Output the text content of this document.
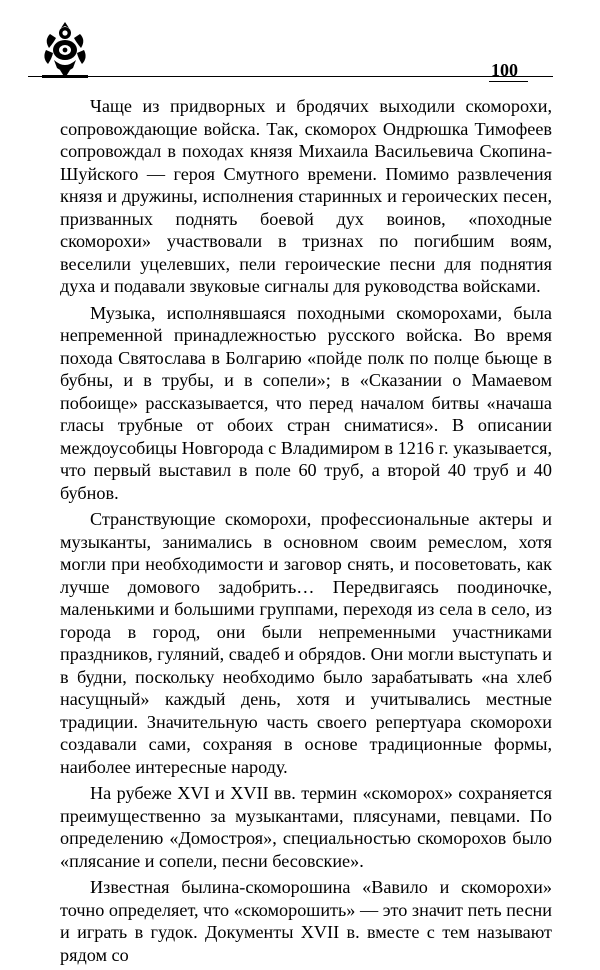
100

Чаще из придворных и бродячих выходили скоморохи, сопровождающие войска. Так, скоморох Ондрюшка Тимофеев сопровождал в походах князя Михаила Васильевича Скопина-Шуйского — героя Смутного времени. Помимо развлечения князя и дружины, исполнения старинных и героических песен, призванных поднять боевой дух воинов, «походные скоморохи» участвовали в тризнах по погибшим воям, веселили уцелевших, пели героические песни для поднятия духа и подавали звуковые сигналы для руководства войсками.

Музыка, исполнявшаяся походными скоморохами, была непременной принадлежностью русского войска. Во время похода Святослава в Болгарию «пойде полк по полце бьюще в бубны, и в трубы, и в сопели»; в «Сказании о Мамаевом побоище» рассказывается, что перед началом битвы «начаша гласы трубные от обоих стран сниматися». В описании междоусобицы Новгорода с Владимиром в 1216 г. указывается, что первый выставил в поле 60 труб, а второй 40 труб и 40 бубнов.

Странствующие скоморохи, профессиональные актеры и музыканты, занимались в основном своим ремеслом, хотя могли при необходимости и заговор снять, и посоветовать, как лучше домового задобрить… Передвигаясь поодиночке, маленькими и большими группами, переходя из села в село, из города в город, они были непременными участниками праздников, гуляний, свадеб и обрядов. Они могли выступать и в будни, поскольку необходимо было зарабатывать «на хлеб насущный» каждый день, хотя и учитывались местные традиции. Значительную часть своего репертуара скоморохи создавали сами, сохраняя в основе традиционные формы, наиболее интересные народу.

На рубеже XVI и XVII вв. термин «скоморох» сохраняется преимущественно за музыкантами, плясунами, певцами. По определению «Домостроя», специальностью скоморохов было «плясание и сопели, песни бесовские».

Известная былина-скоморошина «Вавило и скоморохи» точно определяет, что «скоморошить» — это значит петь песни и играть в гудок. Документы XVII в. вместе с тем называют рядом со
